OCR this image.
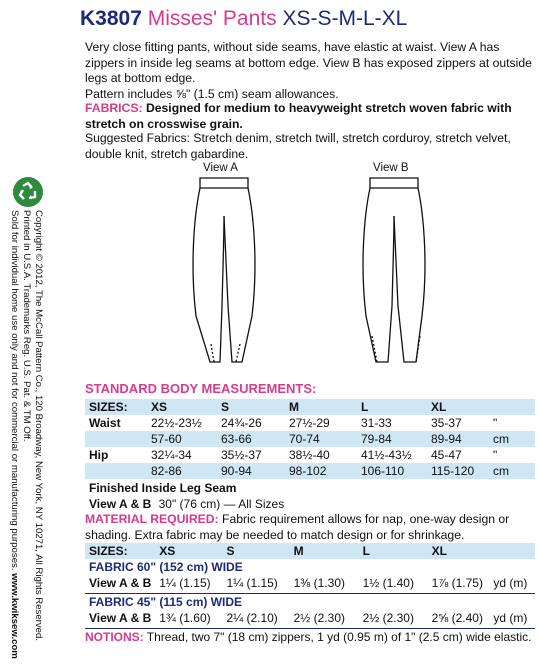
K3807 Misses' Pants XS-S-M-L-XL
Very close fitting pants, without side seams, have elastic at waist. View A has zippers in inside leg seams at bottom edge. View B has exposed zippers at outside legs at bottom edge.
Pattern includes ⅝" (1.5 cm) seam allowances.
FABRICS: Designed for medium to heavyweight stretch woven fabric with stretch on crosswise grain.
Suggested Fabrics: Stretch denim, stretch twill, stretch corduroy, stretch velvet, double knit, stretch gabardine.
Copyright © 2012, The McCall Pattern Co., 120 Broadway, New York, NY 10271, All Rights Reserved.
Printed in U.S.A. Trademarks Reg. U.S. Pat. & TM Off.
Sold for individual home use only and not for commercial or manufacturing purposes. www.kwiksew.com
View A	View B
STANDARD BODY MEASUREMENTS:
SIZES:	XS	S	M	L	XL	
Waist	22½-23½	24¾-26	27½-29	31-33	35-37	"
	57-60	63-66	70-74	79-84	89-94	cm
Hip	32¼-34	35½-37	38½-40	41½-43½	45-47	"
	82-86	90-94	98-102	106-110	115-120	cm
Finished Inside Leg Seam
View A & B 30" (76 cm) — All Sizes
MATERIAL REQUIRED: Fabric requirement allows for nap, one-way design or shading. Extra fabric may be needed to match design or for shrinkage.
SIZES:	XS	S	M	L	XL	
FABRIC 60" (152 cm) WIDE						
View A & B	1¼ (1.15)	1¼ (1.15)	1⅜ (1.30)	1½ (1.40)	1⅞ (1.75)	yd (m)

FABRIC 45" (115 cm) WIDE						
View A & B	1¾ (1.60)	2¼ (2.10)	2½ (2.30)	2½ (2.30)	2⅝ (2.40)	yd (m)

NOTIONS: Thread, two 7" (18 cm) zippers, 1 yd (0.95 m) of 1" (2.5 cm) wide elastic.
